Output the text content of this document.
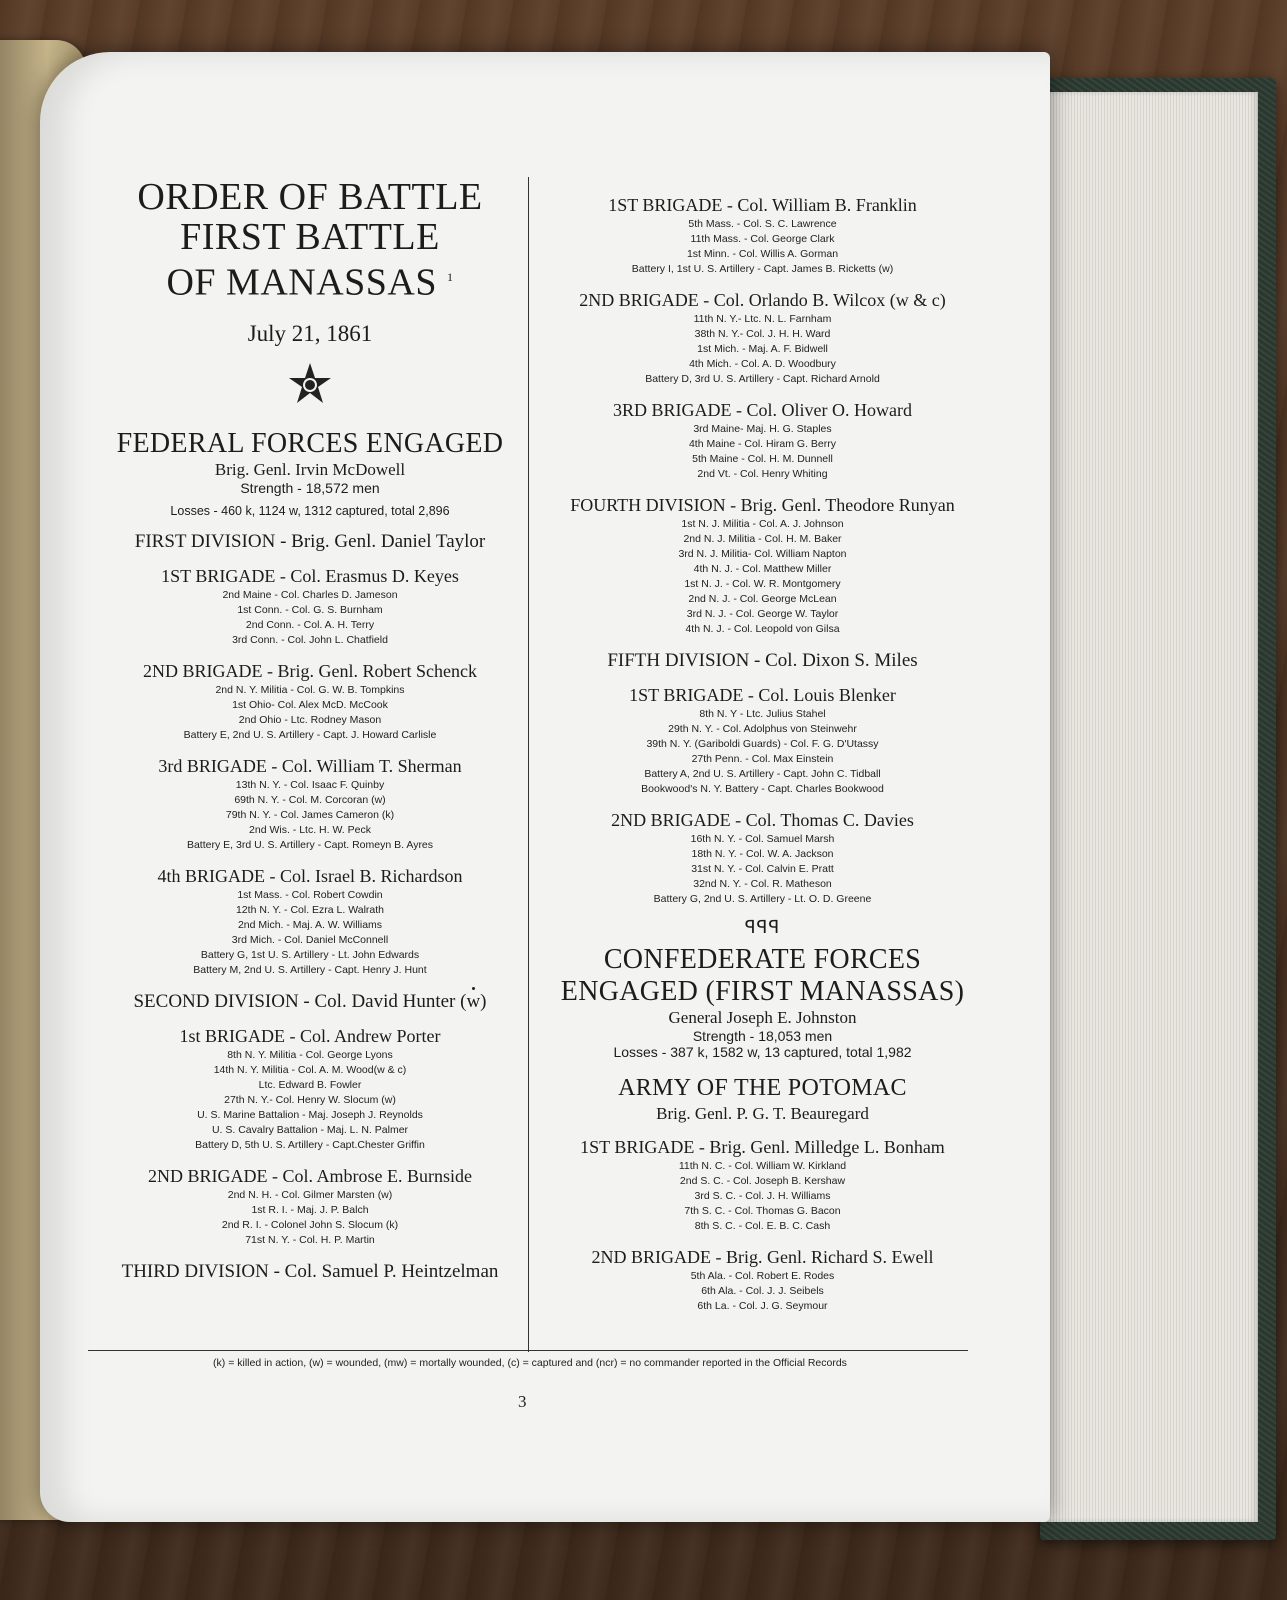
ORDER OF BATTLE
FIRST BATTLE
OF MANASSAS $^1$
July 21, 1861
FEDERAL FORCES ENGAGED
Brig. Genl. Irvin McDowell
Strength - 18,572 men
Losses - 460 k, 1124 w, 1312 captured, total 2,896
FIRST DIVISION - Brig. Genl. Daniel Taylor
1ST BRIGADE - Col. Erasmus D. Keyes
2nd Maine - Col. Charles D. Jameson
1st Conn. - Col. G. S. Burnham
2nd Conn. - Col. A. H. Terry
3rd Conn. - Col. John L. Chatfield
2ND BRIGADE - Brig. Genl. Robert Schenck
2nd N. Y. Militia - Col. G. W. B. Tompkins
1st Ohio- Col. Alex McD. McCook
2nd Ohio - Ltc. Rodney Mason
Battery E, 2nd U. S. Artillery - Capt. J. Howard Carlisle
3rd BRIGADE - Col. William T. Sherman
13th N. Y. - Col. Isaac F. Quinby
69th N. Y. - Col. M. Corcoran (w)
79th N. Y. - Col. James Cameron (k)
2nd Wis. - Ltc. H. W. Peck
Battery E, 3rd U. S. Artillery - Capt. Romeyn B. Ayres
4th BRIGADE - Col. Israel B. Richardson
1st Mass. - Col. Robert Cowdin
12th N. Y. - Col. Ezra L. Walrath
2nd Mich. - Maj. A. W. Williams
3rd Mich. - Col. Daniel McConnell
Battery G, 1st U. S. Artillery - Lt. John Edwards
Battery M, 2nd U. S. Artillery - Capt. Henry J. Hunt
SECOND DIVISION - Col. David Hunter (w)
1st BRIGADE - Col. Andrew Porter
8th N. Y. Militia - Col. George Lyons
14th N. Y. Militia - Col. A. M. Wood(w & c)
Ltc. Edward B. Fowler
27th N. Y.- Col. Henry W. Slocum (w)
U. S. Marine Battalion - Maj. Joseph J. Reynolds
U. S. Cavalry Battalion - Maj. L. N. Palmer
Battery D, 5th U. S. Artillery - Capt.Chester Griffin
2ND BRIGADE - Col. Ambrose E. Burnside
2nd N. H. - Col. Gilmer Marsten (w)
1st R. I. - Maj. J. P. Balch
2nd R. I. - Colonel John S. Slocum (k)
71st N. Y. - Col. H. P. Martin
THIRD DIVISION - Col. Samuel P. Heintzelman
1ST BRIGADE - Col. William B. Franklin
5th Mass. - Col. S. C. Lawrence
11th Mass. - Col. George Clark
1st Minn. - Col. Willis A. Gorman
Battery I, 1st U. S. Artillery - Capt. James B. Ricketts (w)
2ND BRIGADE - Col. Orlando B. Wilcox (w & c)
11th N. Y.- Ltc. N. L. Farnham
38th N. Y.- Col. J. H. H. Ward
1st Mich. - Maj. A. F. Bidwell
4th Mich. - Col. A. D. Woodbury
Battery D, 3rd U. S. Artillery - Capt. Richard Arnold
3RD BRIGADE - Col. Oliver O. Howard
3rd Maine- Maj. H. G. Staples
4th Maine - Col. Hiram G. Berry
5th Maine - Col. H. M. Dunnell
2nd Vt. - Col. Henry Whiting
FOURTH DIVISION - Brig. Genl. Theodore Runyan
1st N. J. Militia - Col. A. J. Johnson
2nd N. J. Militia - Col. H. M. Baker
3rd N. J. Militia- Col. William Napton
4th N. J. - Col. Matthew Miller
1st N. J. - Col. W. R. Montgomery
2nd N. J. - Col. George McLean
3rd N. J. - Col. George W. Taylor
4th N. J. - Col. Leopold von Gilsa
FIFTH DIVISION - Col. Dixon S. Miles
1ST BRIGADE - Col. Louis Blenker
8th N. Y - Ltc. Julius Stahel
29th N. Y. - Col. Adolphus von Steinwehr
39th N. Y. (Gariboldi Guards) - Col. F. G. D'Utassy
27th Penn. - Col. Max Einstein
Battery A, 2nd U. S. Artillery - Capt. John C. Tidball
Bookwood's N. Y. Battery - Capt. Charles Bookwood
2ND BRIGADE - Col. Thomas C. Davies
16th N. Y. - Col. Samuel Marsh
18th N. Y. - Col. W. A. Jackson
31st N. Y. - Col. Calvin E. Pratt
32nd N. Y. - Col. R. Matheson
Battery G, 2nd U. S. Artillery - Lt. O. D. Greene
ꟼꟼꟼ
CONFEDERATE FORCES
ENGAGED (FIRST MANASSAS)
General Joseph E. Johnston
Strength - 18,053 men
Losses - 387 k, 1582 w, 13 captured, total 1,982
ARMY OF THE POTOMAC
Brig. Genl. P. G. T. Beauregard
1ST BRIGADE - Brig. Genl. Milledge L. Bonham
11th N. C. - Col. William W. Kirkland
2nd S. C. - Col. Joseph B. Kershaw
3rd S. C. - Col. J. H. Williams
7th S. C. - Col. Thomas G. Bacon
8th S. C. - Col. E. B. C. Cash
2ND BRIGADE - Brig. Genl. Richard S. Ewell
5th Ala. - Col. Robert E. Rodes
6th Ala. - Col. J. J. Seibels
6th La. - Col. J. G. Seymour
(k) = killed in action, (w) = wounded, (mw) = mortally wounded, (c) = captured and (ncr) = no commander reported in the Official Records
3
